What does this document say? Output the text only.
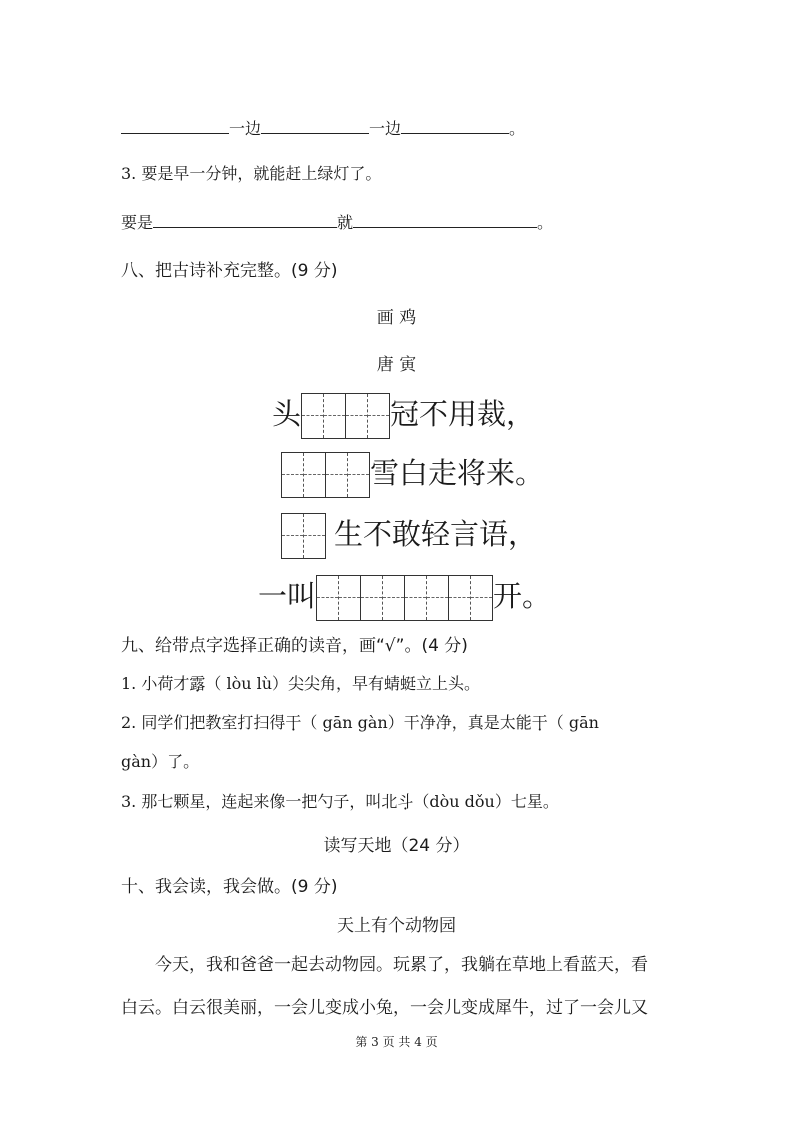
一边	一边	。
3. 要是早一分钟，就能赶上绿灯了。
要是	就	。
八、把古诗补充完整。(9 分)
画 鸡
唐 寅
头	冠不用裁，
雪白走将来。
生不敢轻言语，
一叫	开。
九、给带点字选择正确的读音，画“√”。(4 分)
1. 小荷才露（ lòu lù）尖尖角，早有蜻蜓立上头。
2. 同学们把教室打扫得干（ gān gàn）干净净，真是太能干（ gān
gàn）了。
3. 那七颗星，连起来像一把勺子，叫北斗（dòu dǒu）七星。
读写天地（24 分）
十、我会读，我会做。(9 分)
天上有个动物园
今天，我和爸爸一起去动物园。玩累了，我躺在草地上看蓝天，看
白云。白云很美丽，一会儿变成小兔，一会儿变成犀牛，过了一会儿又
第 3 页 共 4 页
